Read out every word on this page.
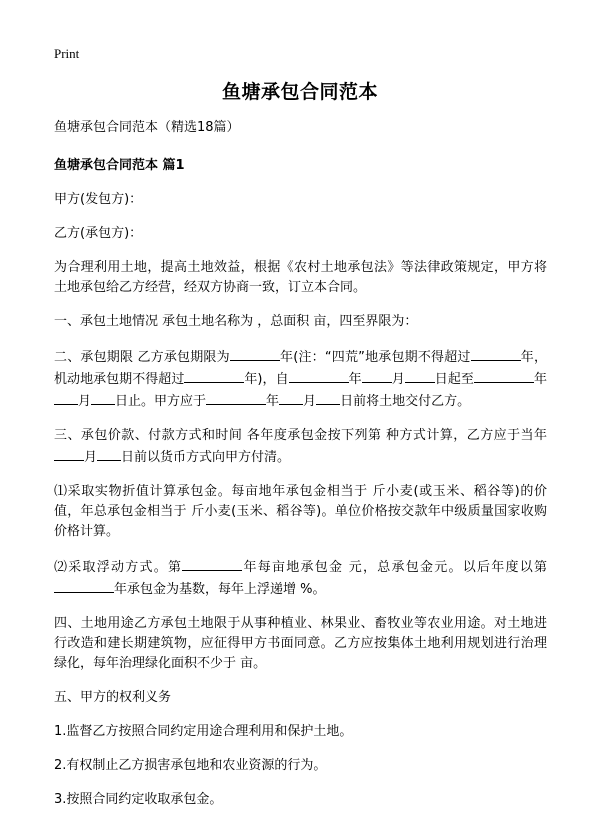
Print
鱼塘承包合同范本

鱼塘承包合同范本（精选18篇）

鱼塘承包合同范本 篇1

甲方(发包方)：

乙方(承包方)：

为合理利用土地，提高土地效益，根据《农村土地承包法》等法律政策规定，甲方将土地承包给乙方经营，经双方协商一致，订立本合同。

一、承包土地情况 承包土地名称为 ，总面积 亩，四至界限为：

二、承包期限 乙方承包期限为	年(注：“四荒”地承包期不得超过	年，机动地承包期不得超过	年)，自	年 月 日起至	年月 日止。甲方应于	年 月 日前将土地交付乙方。

三、承包价款、付款方式和时间 各年度承包金按下列第 种方式计算，乙方应于当年月 日前以货币方式向甲方付清。

⑴采取实物折值计算承包金。每亩地年承包金相当于 斤小麦(或玉米、稻谷等)的价值，年总承包金相当于 斤小麦(玉米、稻谷等)。单位价格按交款年中级质量国家收购价格计算。

⑵采取浮动方式。第	年每亩地承包金 元，总承包金元。以后年度以第年承包金为基数，每年上浮递增 %。

四、土地用途乙方承包土地限于从事种植业、林果业、畜牧业等农业用途。对土地进行改造和建长期建筑物，应征得甲方书面同意。乙方应按集体土地利用规划进行治理绿化，每年治理绿化面积不少于 亩。

五、甲方的权利义务

1.监督乙方按照合同约定用途合理利用和保护土地。

2.有权制止乙方损害承包地和农业资源的行为。

3.按照合同约定收取承包金。
